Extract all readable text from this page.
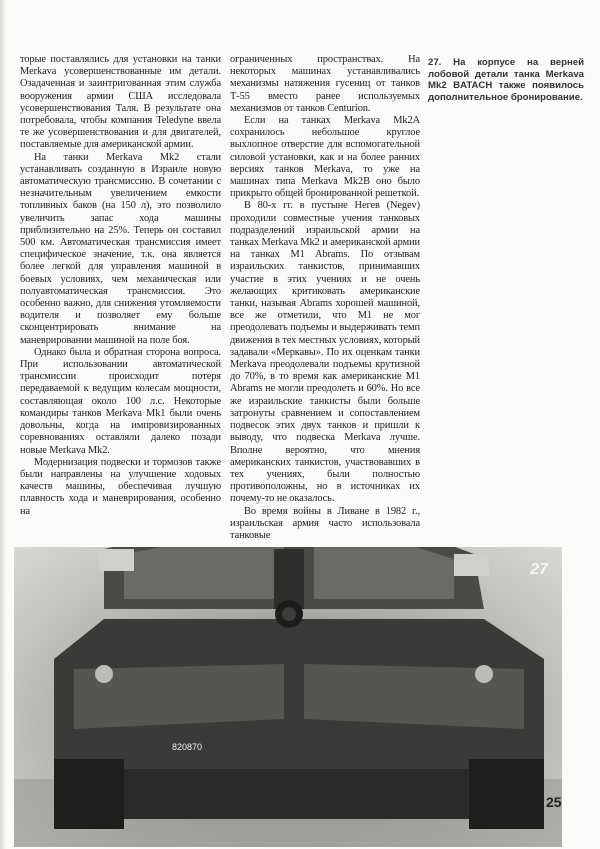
торые поставлялись для установки на танки Merkava усовершенствованные им детали. Озадаченная и заинтригованная этим служба вооружения армии США исследовала усовершенствования Таля. В результате она потребовала, чтобы компания Teledyne ввела те же усовершенствования и для двигателей, поставляемые для американской армии.

На танки Merkava Mk2 стали устанавливать созданную в Израиле новую автоматическую трансмиссию. В сочетании с незначительным увеличением емкости топливных баков (на 150 л), это позволило увеличить запас хода машины приблизительно на 25%. Теперь он составил 500 км. Автоматическая трансмиссия имеет специфическое значение, т.к. она является более легкой для управления машиной в боевых условиях, чем механическая или полуавтоматическая трансмиссия. Это особенно важно, для снижения утомляемости водителя и позволяет ему больше сконцентрировать внимание на маневрировании машиной на поле боя.

Однако была и обратная сторона вопроса. При использовании автоматической трансмиссии происходит потеря передаваемой к ведущим колесам мощности, составляющая около 100 л.с. Некоторые командиры танков Merkava Mk1 были очень довольны, когда на импровизированных соревнованиях оставляли далеко позади новые Merkava Mk2.

Модернизация подвески и тормозов также были направлены на улучшение ходовых качеств машины, обеспечивая лучшую плавность хода и маневрирования, особенно на

ограниченных пространствах. На некоторых машинах устанавливались механизмы натяжения гусениц от танков Т-55 вместо ранее используемых механизмов от танков Centurion.

Если на танках Merkava Mk2A сохранилось небольшое круглое выхлопное отверстие для вспомогательной силовой установки, как и на более ранних версиях танков Merkava, то уже на машинах типа Merkava Mk2B оно было прикрыто общей бронированной решеткой.

В 80-х гг. в пустыне Негев (Negev) проходили совместные учения танковых подразделений израильской армии на танках Merkava Mk2 и американской армии на танках M1 Abrams. По отзывам израильских танкистов, принимавших участие в этих учениях и не очень желающих критиковать американские танки, называя Abrams хорошей машиной, все же отметили, что M1 не мог преодолевать подъемы и выдерживать темп движения в тех местных условиях, который задавали «Меркавы». По их оценкам танки Merkava преодолевали подъемы крутизной до 70%, в то время как американские M1 Abrams не могли преодолеть и 60%. Но все же израильские танкисты были больше затронуты сравнением и сопоставлением подвесок этих двух танков и пришли к выводу, что подвеска Merkava лучше. Вполне вероятно, что мнения американских танкистов, участвовавших в тех учениях, были полностью противоположны, но в источниках их почему-то не оказалось.

Во время войны в Ливане в 1982 г., израильская армия часто использовала танковые

27. На корпусе на верней лобовой детали танка Merkava Mk2 BATACH также появилось дополнительное бронирование.
27
820870
25
